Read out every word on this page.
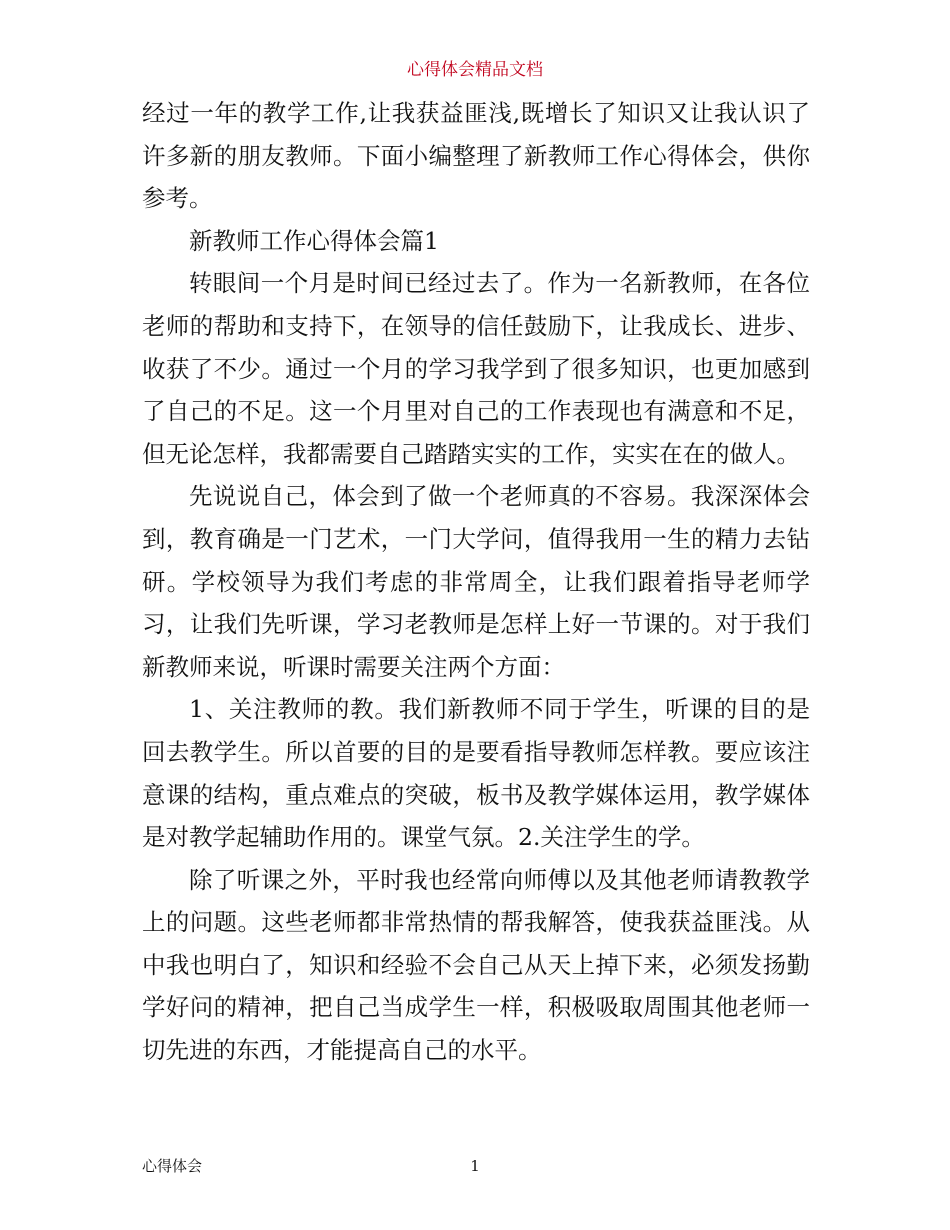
心得体会精品文档

经过一年的教学工作,让我获益匪浅,既增长了知识又让我认识了许多新的朋友教师。下面小编整理了新教师工作心得体会，供你参考。

新教师工作心得体会篇1

转眼间一个月是时间已经过去了。作为一名新教师，在各位老师的帮助和支持下，在领导的信任鼓励下，让我成长、进步、收获了不少。通过一个月的学习我学到了很多知识，也更加感到了自己的不足。这一个月里对自己的工作表现也有满意和不足，但无论怎样，我都需要自己踏踏实实的工作，实实在在的做人。

先说说自己，体会到了做一个老师真的不容易。我深深体会到，教育确是一门艺术，一门大学问，值得我用一生的精力去钻研。学校领导为我们考虑的非常周全，让我们跟着指导老师学习，让我们先听课，学习老教师是怎样上好一节课的。对于我们新教师来说，听课时需要关注两个方面：

1、关注教师的教。我们新教师不同于学生，听课的目的是回去教学生。所以首要的目的是要看指导教师怎样教。要应该注意课的结构，重点难点的突破，板书及教学媒体运用，教学媒体是对教学起辅助作用的。课堂气氛。2.关注学生的学。

除了听课之外，平时我也经常向师傅以及其他老师请教教学上的问题。这些老师都非常热情的帮我解答，使我获益匪浅。从中我也明白了，知识和经验不会自己从天上掉下来，必须发扬勤学好问的精神，把自己当成学生一样，积极吸取周围其他老师一切先进的东西，才能提高自己的水平。

心得体会	1
